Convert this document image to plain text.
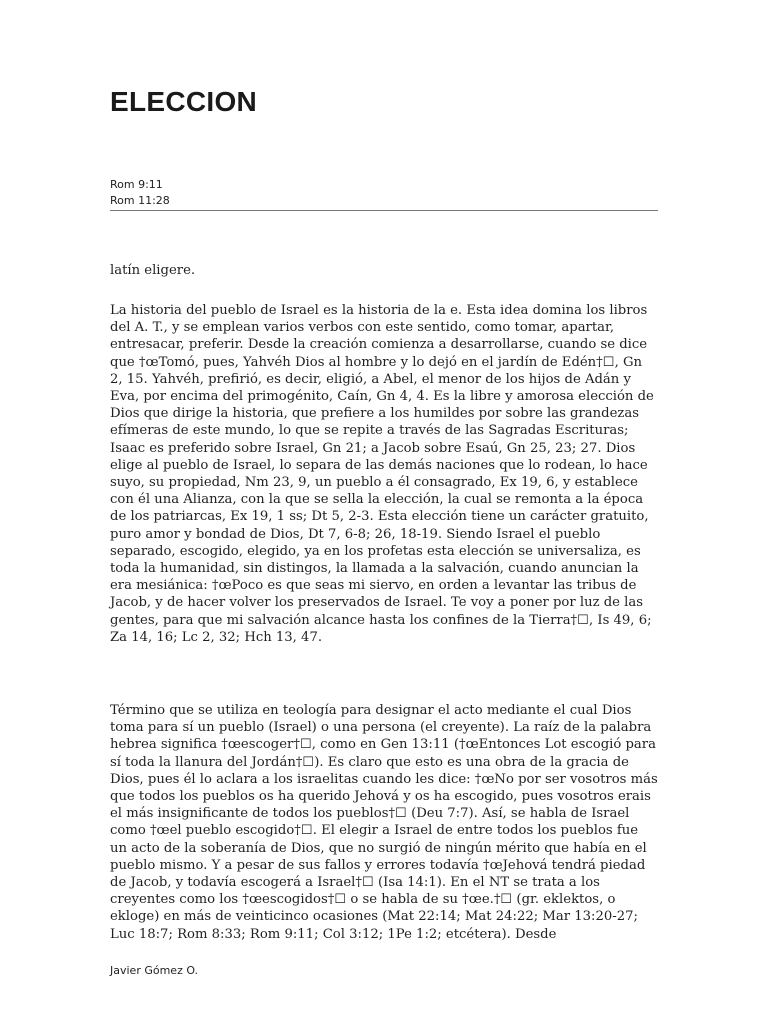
ELECCION
Rom 9:11
Rom 11:28

latín eligere.

La historia del pueblo de Israel es la historia de la e. Esta idea domina los libros del A. T., y se emplean varios verbos con este sentido, como tomar, apartar, entresacar, preferir. Desde la creación comienza a desarrollarse, cuando se dice que †œTomó, pues, Yahvéh Dios al hombre y lo dejó en el jardín de Edén†☐, Gn 2, 15. Yahvéh, prefirió, es decir, eligió, a Abel, el menor de los hijos de Adán y Eva, por encima del primogénito, Caín, Gn 4, 4. Es la libre y amorosa elección de Dios que dirige la historia, que prefiere a los humildes por sobre las grandezas efímeras de este mundo, lo que se repite a través de las Sagradas Escrituras; Isaac es preferido sobre Israel, Gn 21; a Jacob sobre Esaú, Gn 25, 23; 27. Dios elige al pueblo de Israel, lo separa de las demás naciones que lo rodean, lo hace suyo, su propiedad, Nm 23, 9, un pueblo a él consagrado, Ex 19, 6, y establece con él una Alianza, con la que se sella la elección, la cual se remonta a la época de los patriarcas, Ex 19, 1 ss; Dt 5, 2-3. Esta elección tiene un carácter gratuito, puro amor y bondad de Dios, Dt 7, 6-8; 26, 18-19. Siendo Israel el pueblo separado, escogido, elegido, ya en los profetas esta elección se universaliza, es toda la humanidad, sin distingos, la llamada a la salvación, cuando anuncian la era mesiánica: †œPoco es que seas mi siervo, en orden a levantar las tribus de Jacob, y de hacer volver los preservados de Israel. Te voy a poner por luz de las gentes, para que mi salvación alcance hasta los confines de la Tierra†☐, Is 49, 6; Za 14, 16; Lc 2, 32; Hch 13, 47.

Término que se utiliza en teología para designar el acto mediante el cual Dios toma para sí un pueblo (Israel) o una persona (el creyente). La raíz de la palabra hebrea significa †œescoger†☐, como en Gen 13:11 (†œEntonces Lot escogió para sí toda la llanura del Jordán†☐). Es claro que esto es una obra de la gracia de Dios, pues él lo aclara a los israelitas cuando les dice: †œNo por ser vosotros más que todos los pueblos os ha querido Jehová y os ha escogido, pues vosotros erais el más insignificante de todos los pueblos†☐ (Deu 7:7). Así, se habla de Israel como †œel pueblo escogido†☐. El elegir a Israel de entre todos los pueblos fue un acto de la soberanía de Dios, que no surgió de ningún mérito que había en el pueblo mismo. Y a pesar de sus fallos y errores todavía †œJehová tendrá piedad de Jacob, y todavía escogerá a Israel†☐ (Isa 14:1). En el NT se trata a los creyentes como los †œescogidos†☐ o se habla de su †œe.†☐ (gr. eklektos, o ekloge) en más de veinticinco ocasiones (Mat 22:14; Mat 24:22; Mar 13:20-27; Luc 18:7; Rom 8:33; Rom 9:11; Col 3:12; 1Pe 1:2; etcétera). Desde

Javier Gómez O.
